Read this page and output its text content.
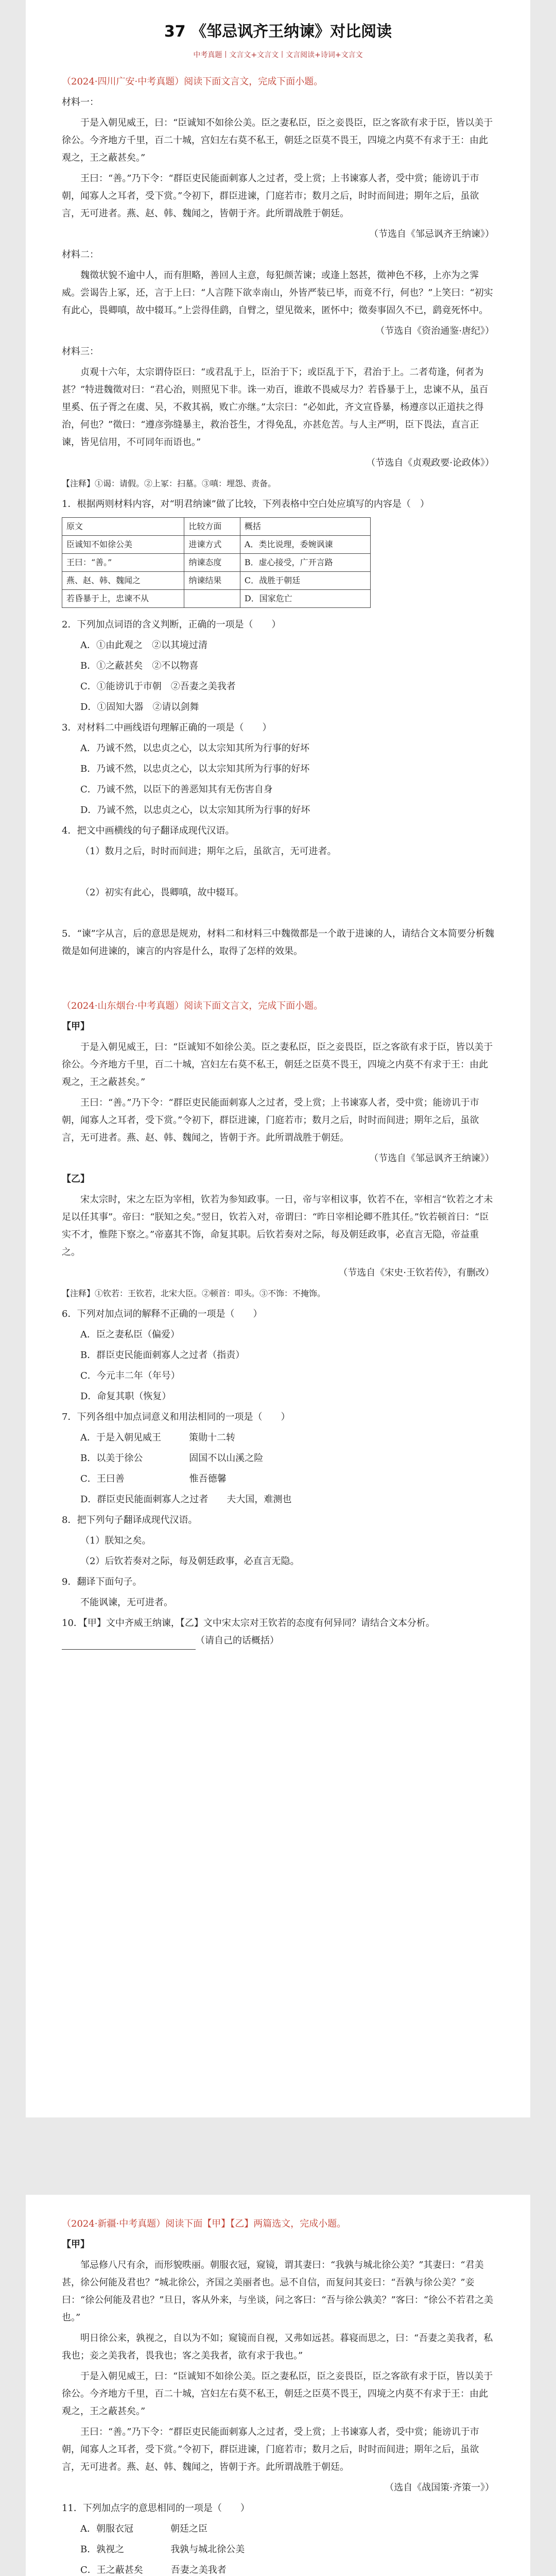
37 《邹忌讽齐王纳谏》对比阅读
中考真题丨文言文+文言文丨文言阅读+诗词+文言文

（2024·四川广安·中考真题）阅读下面文言文，完成下面小题。

材料一：

于是入朝见威王，曰：“臣诚知不如徐公美。臣之妻私臣，臣之妾畏臣，臣之客欲有求于臣，皆以美于徐公。今齐地方千里，百二十城，宫妇左右莫不私王，朝廷之臣莫不畏王，四境之内莫不有求于王：由此观之，王之蔽甚矣。”

王曰：“善。”乃下令：“群臣吏民能面刺寡人之过者，受上赏；上书谏寡人者，受中赏；能谤讥于市朝，闻寡人之耳者，受下赏。”令初下，群臣进谏，门庭若市；数月之后，时时而间进；期年之后，虽欲言，无可进者。燕、赵、韩、魏闻之，皆朝于齐。此所谓战胜于朝廷。

（节选自《邹忌讽齐王纳谏》）

材料二：

魏徵状貌不逾中人，而有胆略，善回人主意，每犯颜苦谏；或逢上怒甚，徵神色不移，上亦为之霁威。尝谒告上冢，还，言于上曰：“人言陛下欲幸南山，外皆严装已毕，而竟不行，何也？”上笑曰：“初实有此心，畏卿嗔，故中辍耳。”上尝得佳鹞，自臂之，望见徵来，匿怀中；徵奏事固久不已，鹞竟死怀中。

（节选自《资治通鉴·唐纪》）

材料三：

贞观十六年，太宗谓侍臣曰：“或君乱于上，臣治于下；或臣乱于下，君治于上。二者苟逢，何者为甚？”特进魏徵对曰：“君心治，则照见下非。诛一劝百，谁敢不畏威尽力？若昏暴于上，忠谏不从，虽百里奚、伍子胥之在虞、吴，不救其祸，败亡亦继。”太宗曰：“必如此，齐文宣昏暴，杨遵彦以正道扶之得治，何也？”徵曰：“遵彦弥缝暴主，救治苍生，才得免乱，亦甚危苦。与人主严明，臣下畏法，直言正谏，皆见信用，不可同年而语也。”

（节选自《贞观政要·论政体》）

【注释】①谒：请假。②上冢：扫墓。③嗔：埋怨、责备。

1．根据两则材料内容，对“明君纳谏”做了比较，下列表格中空白处应填写的内容是（　）

原文	比较方面	概括
臣诚知不如徐公美	进谏方式	A．类比说理，委婉讽谏
王曰：“善。”	纳谏态度	B．虚心接受，广开言路
燕、赵、韩、魏闻之	纳谏结果	C．战胜于朝廷
若昏暴于上，忠谏不从		D．国家危亡

2．下列加点词语的含义判断，正确的一项是（　　）

A．①由此观之　②以其境过清

B．①之蔽甚矣　②不以物喜

C．①能谤讥于市朝　②吾妻之美我者

D．①固知大器　②请以剑舞

3．对材料二中画线语句理解正确的一项是（　　）

A．乃诚不然，以忠贞之心，以太宗知其所为行事的好坏

B．乃诚不然，以忠贞之心，以太宗知其所为行事的好坏

C．乃诚不然，以臣下的善恶知其有无伤害自身

D．乃诚不然，以忠贞之心，以太宗知其所为行事的好坏

4．把文中画横线的句子翻译成现代汉语。

（1）数月之后，时时而间进；期年之后，虽欲言，无可进者。

（2）初实有此心，畏卿嗔，故中辍耳。

5．“谏”字从言，后的意思是规劝，材料二和材料三中魏徵都是一个敢于进谏的人，请结合文本简要分析魏徵是如何进谏的，谏言的内容是什么，取得了怎样的效果。

（2024·山东烟台·中考真题）阅读下面文言文，完成下面小题。

【甲】

于是入朝见威王，曰：“臣诚知不如徐公美。臣之妻私臣，臣之妾畏臣，臣之客欲有求于臣，皆以美于徐公。今齐地方千里，百二十城，宫妇左右莫不私王，朝廷之臣莫不畏王，四境之内莫不有求于王：由此观之，王之蔽甚矣。”

王曰：“善。”乃下令：“群臣吏民能面刺寡人之过者，受上赏；上书谏寡人者，受中赏；能谤讥于市朝，闻寡人之耳者，受下赏。”令初下，群臣进谏，门庭若市；数月之后，时时而间进；期年之后，虽欲言，无可进者。燕、赵、韩、魏闻之，皆朝于齐。此所谓战胜于朝廷。

（节选自《邹忌讽齐王纳谏》）

【乙】

宋太宗时，宋之左臣为宰相，钦若为参知政事。一日，帝与宰相议事，钦若不在，宰相言“钦若之才未足以任其事”。帝曰：“朕知之矣。”翌日，钦若入对，帝谓曰：“昨日宰相论卿不胜其任。”钦若顿首曰：“臣实不才，惟陛下察之。”帝嘉其不饰，命复其职。后钦若奏对之际，每及朝廷政事，必直言无隐，帝益重之。

（节选自《宋史·王钦若传》，有删改）

【注释】①钦若：王钦若，北宋大臣。②顿首：叩头。③不饰：不掩饰。

6．下列对加点词的解释不正确的一项是（　　）

A．臣之妻私臣（偏爱）

B．群臣吏民能面刺寡人之过者（指责）

C．今元丰二年（年号）

D．命复其职（恢复）

7．下列各组中加点词意义和用法相同的一项是（　　）

A．于是入朝见威王　　　策勋十二转

B．以美于徐公　　　　　固国不以山溪之险

C．王曰善　　　　　　　惟吾德馨

D．群臣吏民能面刺寡人之过者　　夫大国，难测也

8．把下列句子翻译成现代汉语。

（1）朕知之矣。

（2）后钦若奏对之际，每及朝廷政事，必直言无隐。

9．翻译下面句子。

不能讽谏，无可进者。

10．【甲】文中齐威王纳谏，【乙】文中宋太宗对王钦若的态度有何异同？请结合文本分析。 （请自己的话概括）

（2024·新疆·中考真题）阅读下面【甲】【乙】两篇选文，完成小题。

【甲】

邹忌修八尺有余，而形貌昳丽。朝服衣冠，窥镜，谓其妻曰：“我孰与城北徐公美？”其妻曰：“君美甚，徐公何能及君也？”城北徐公，齐国之美丽者也。忌不自信，而复问其妾曰：“吾孰与徐公美？”妾曰：“徐公何能及君也？”旦日，客从外来，与坐谈，问之客曰：“吾与徐公孰美？”客曰：“徐公不若君之美也。”

明日徐公来，孰视之，自以为不如；窥镜而自视，又弗如远甚。暮寝而思之，曰：“吾妻之美我者，私我也；妾之美我者，畏我也；客之美我者，欲有求于我也。”

于是入朝见威王，曰：“臣诚知不如徐公美。臣之妻私臣，臣之妾畏臣，臣之客欲有求于臣，皆以美于徐公。今齐地方千里，百二十城，宫妇左右莫不私王，朝廷之臣莫不畏王，四境之内莫不有求于王：由此观之，王之蔽甚矣。”

王曰：“善。”乃下令：“群臣吏民能面刺寡人之过者，受上赏；上书谏寡人者，受中赏；能谤讥于市朝，闻寡人之耳者，受下赏。”令初下，群臣进谏，门庭若市；数月之后，时时而间进；期年之后，虽欲言，无可进者。燕、赵、韩、魏闻之，皆朝于齐。此所谓战胜于朝廷。

（选自《战国策·齐策一》）

11．下列加点字的意思相同的一项是（　　）

A．朝服衣冠　　　　朝廷之臣

B．孰视之　　　　　我孰与城北徐公美

C．王之蔽甚矣　　　吾妻之美我者
